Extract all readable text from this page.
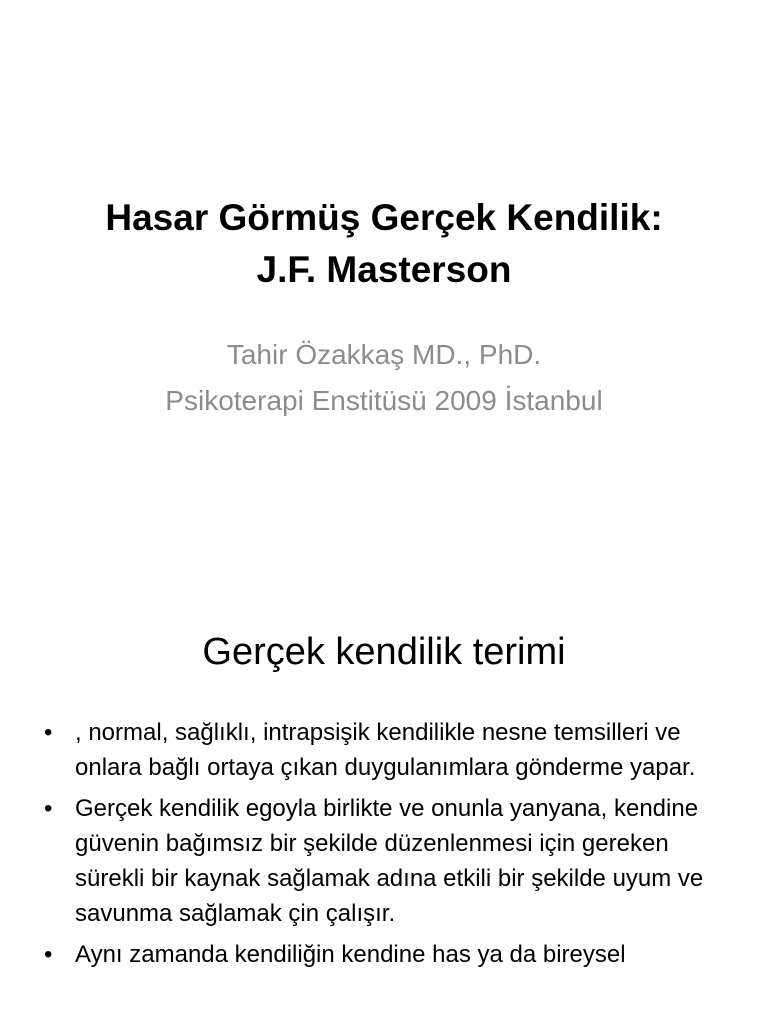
Hasar Görmüş Gerçek Kendilik:
J.F. Masterson
Tahir Özakkaş MD., PhD.
Psikoterapi Enstitüsü 2009 İstanbul
Gerçek kendilik terimi
• , normal, sağlıklı, intrapsişik kendilikle nesne temsilleri ve onlara bağlı ortaya çıkan duygulanımlara gönderme yapar.
• Gerçek kendilik egoyla birlikte ve onunla yanyana, kendine güvenin bağımsız bir şekilde düzenlenmesi için gereken sürekli bir kaynak sağlamak adına etkili bir şekilde uyum ve savunma sağlamak çin çalışır.
• Aynı zamanda kendiliğin kendine has ya da bireysel
